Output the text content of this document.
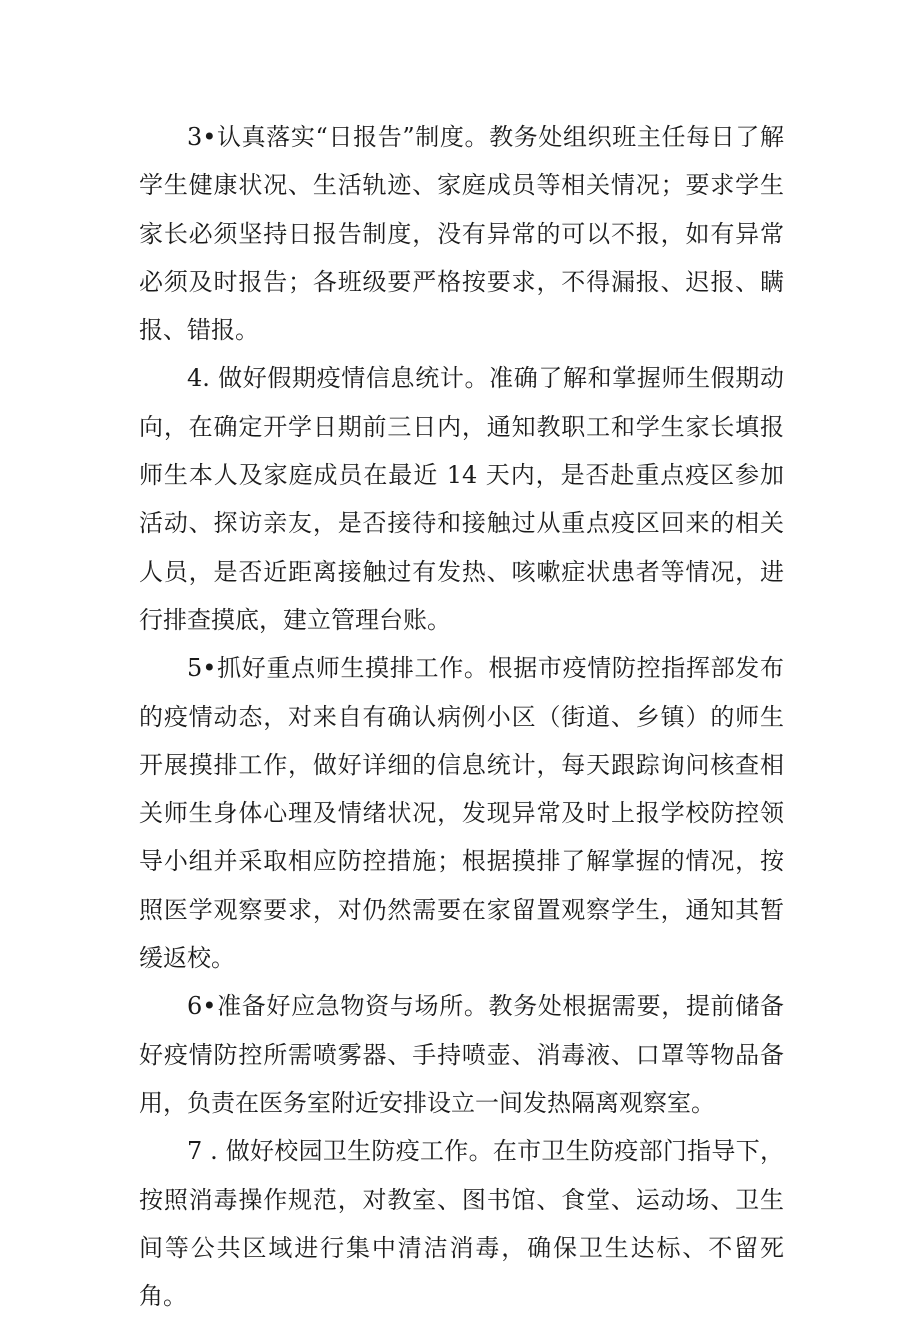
3•认真落实“日报告”制度。教务处组织班主任每日了解学生健康状况、生活轨迹、家庭成员等相关情况；要求学生家长必须坚持日报告制度，没有异常的可以不报，如有异常必须及时报告；各班级要严格按要求，不得漏报、迟报、瞒报、错报。

4. 做好假期疫情信息统计。准确了解和掌握师生假期动向，在确定开学日期前三日内，通知教职工和学生家长填报师生本人及家庭成员在最近 14 天内，是否赴重点疫区参加活动、探访亲友，是否接待和接触过从重点疫区回来的相关人员，是否近距离接触过有发热、咳嗽症状患者等情况，进行排查摸底，建立管理台账。

5•抓好重点师生摸排工作。根据市疫情防控指挥部发布的疫情动态，对来自有确认病例小区（街道、乡镇）的师生开展摸排工作，做好详细的信息统计，每天跟踪询问核查相关师生身体心理及情绪状况，发现异常及时上报学校防控领导小组并采取相应防控措施；根据摸排了解掌握的情况，按照医学观察要求，对仍然需要在家留置观察学生，通知其暂缓返校。

6•准备好应急物资与场所。教务处根据需要，提前储备好疫情防控所需喷雾器、手持喷壶、消毒液、口罩等物品备用，负责在医务室附近安排设立一间发热隔离观察室。

7 . 做好校园卫生防疫工作。在市卫生防疫部门指导下，按照消毒操作规范，对教室、图书馆、食堂、运动场、卫生间等公共区域进行集中清洁消毒，确保卫生达标、不留死角。
